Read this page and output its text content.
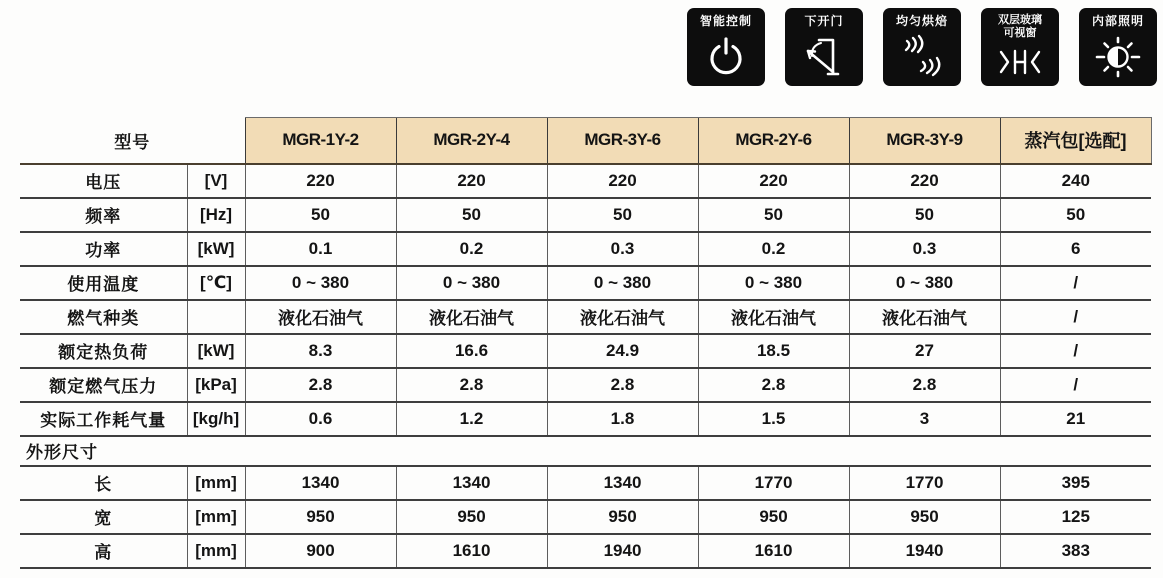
智能控制	下开门	均匀烘焙	双层玻璃
可视窗
内部照明
型号		MGR-1Y-2	MGR-2Y-4	MGR-3Y-6	MGR-2Y-6	MGR-3Y-9	蒸汽包[选配]
电压	[V]	220	220	220	220	220	240
频率	[Hz]	50	50	50	50	50	50
功率	[kW]	0.1	0.2	0.3	0.2	0.3	6
使用温度	[℃]	0 ~ 380	0 ~ 380	0 ~ 380	0 ~ 380	0 ~ 380	/
燃气种类		液化石油气	液化石油气	液化石油气	液化石油气	液化石油气	/
额定热负荷	[kW]	8.3	16.6	24.9	18.5	27	/
额定燃气压力	[kPa]	2.8	2.8	2.8	2.8	2.8	/
实际工作耗气量	[kg/h]	0.6	1.2	1.8	1.5	3	21
外形尺寸							
长	[mm]	1340	1340	1340	1770	1770	395
宽	[mm]	950	950	950	950	950	125
高	[mm]	900	1610	1940	1610	1940	383
